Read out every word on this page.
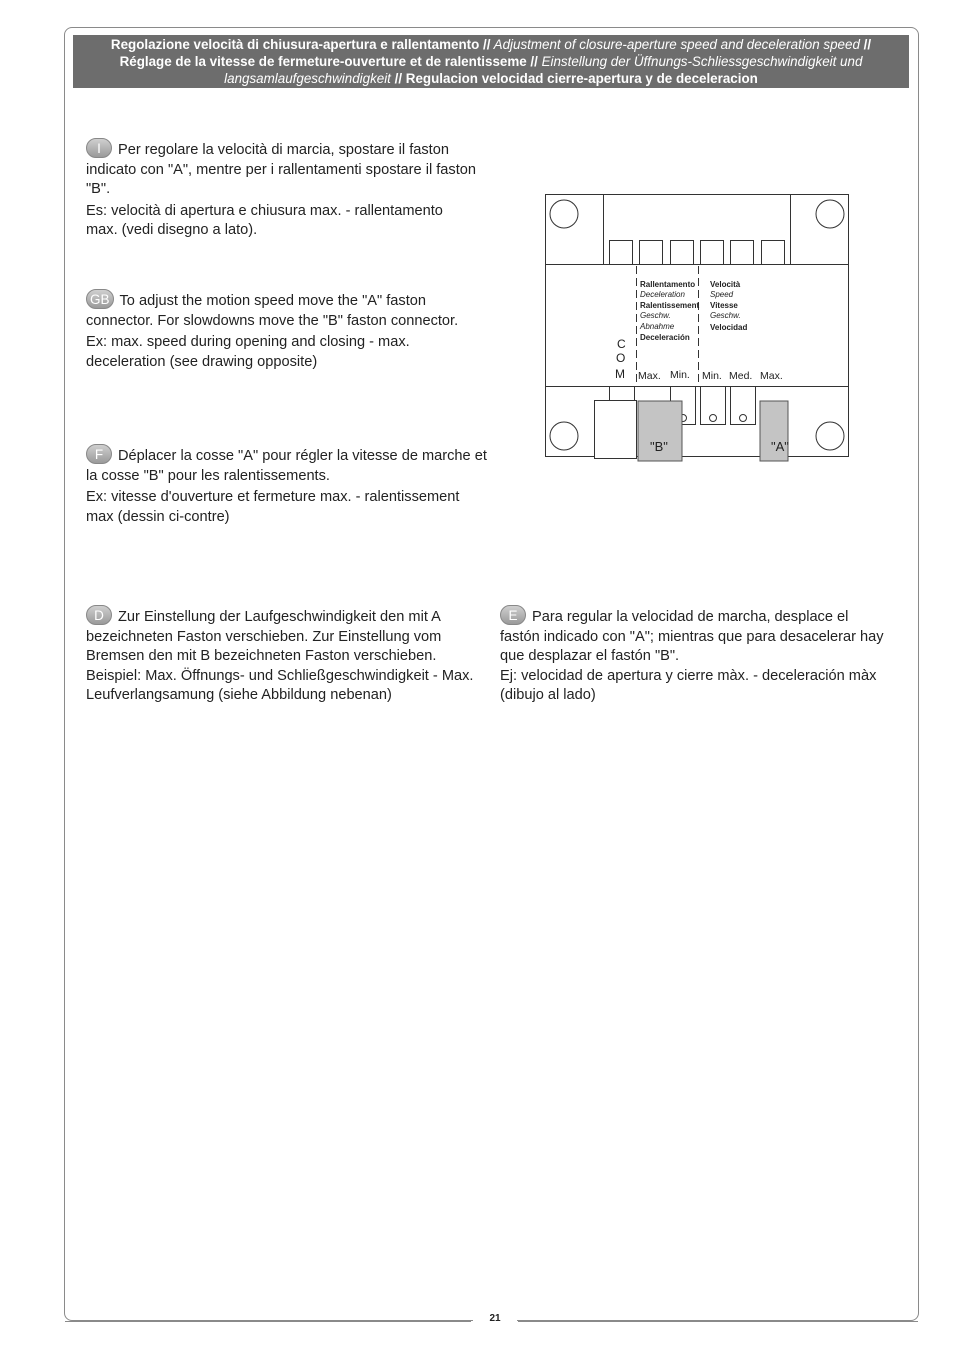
Regolazione velocità di chiusura-apertura e rallentamento // Adjustment of closure-aperture speed and deceleration speed //
Réglage de la vitesse de fermeture-ouverture et de ralentisseme // Einstellung der Üffnungs-Schliessgeschwindigkeit und
langsamlaufgeschwindigkeit // Regulacion velocidad cierre-apertura y de deceleracion

I Per regolare la velocità di marcia, spostare il faston indicato con "A", mentre per i rallentamenti spostare il faston "B".

Es: velocità di apertura e chiusura max. - rallentamento max. (vedi disegno a lato).

GB To adjust the motion speed move the "A" faston connector. For slowdowns move the "B" faston connector.

Ex: max. speed during opening and closing - max. deceleration (see drawing opposite)

F Déplacer la cosse "A" pour régler la vitesse de marche et la cosse "B" pour les ralentissements.

Ex: vitesse d'ouverture et fermeture max. - ralentissement max (dessin ci-contre)

D Zur Einstellung der Laufgeschwindigkeit den mit A bezeichneten Faston verschieben. Zur Einstellung vom Bremsen den mit B bezeichneten Faston verschieben. Beispiel: Max. Öffnungs- und Schließgeschwindigkeit - Max. Leufverlangsamung (siehe Abbildung nebenan)

E Para regular la velocidad de marcha, desplace el fastón indicado con "A"; mientras que para desacelerar hay que desplazar el fastón "B".

Ej: velocidad de apertura y cierre màx. - deceleración màx (dibujo al lado)

"B"	"A"
Rallentamento
Deceleration
Ralentissement
Geschw.
Abnahme
Deceleración
Velocità
Speed
Vitesse
Geschw.
Velocidad
C
O
M Max. Min. Min. Med. Max.
21
